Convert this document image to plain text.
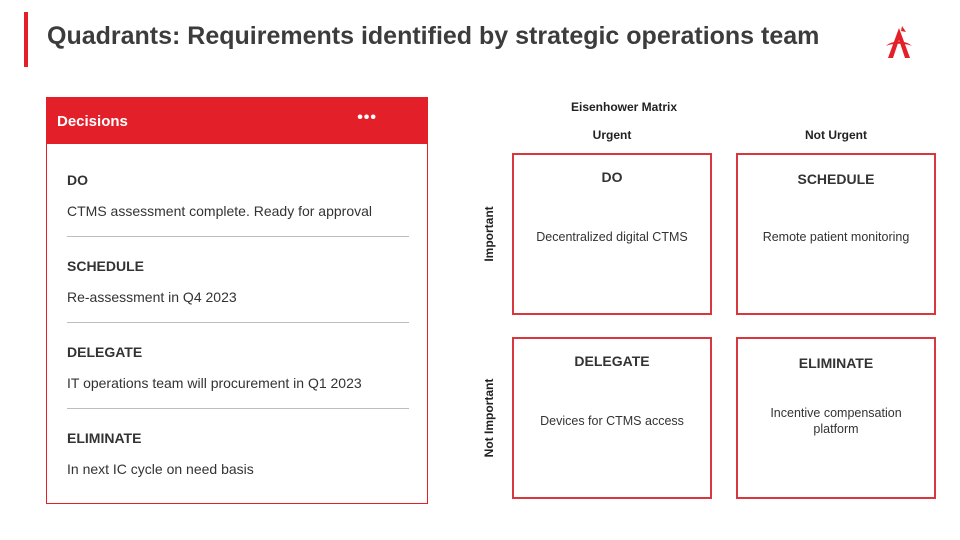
Quadrants: Requirements identified by strategic operations team
Decisions	•••
DO
CTMS assessment complete. Ready for approval
SCHEDULE
Re-assessment in Q4 2023
DELEGATE
IT operations team will procurement in Q1 2023
ELIMINATE
In next IC cycle on need basis
Eisenhower Matrix
Urgent	Not Urgent
Important
Not Important
DO
Decentralized digital CTMS
SCHEDULE
Remote patient monitoring
DELEGATE
Devices for CTMS access
ELIMINATE
Incentive compensation platform
